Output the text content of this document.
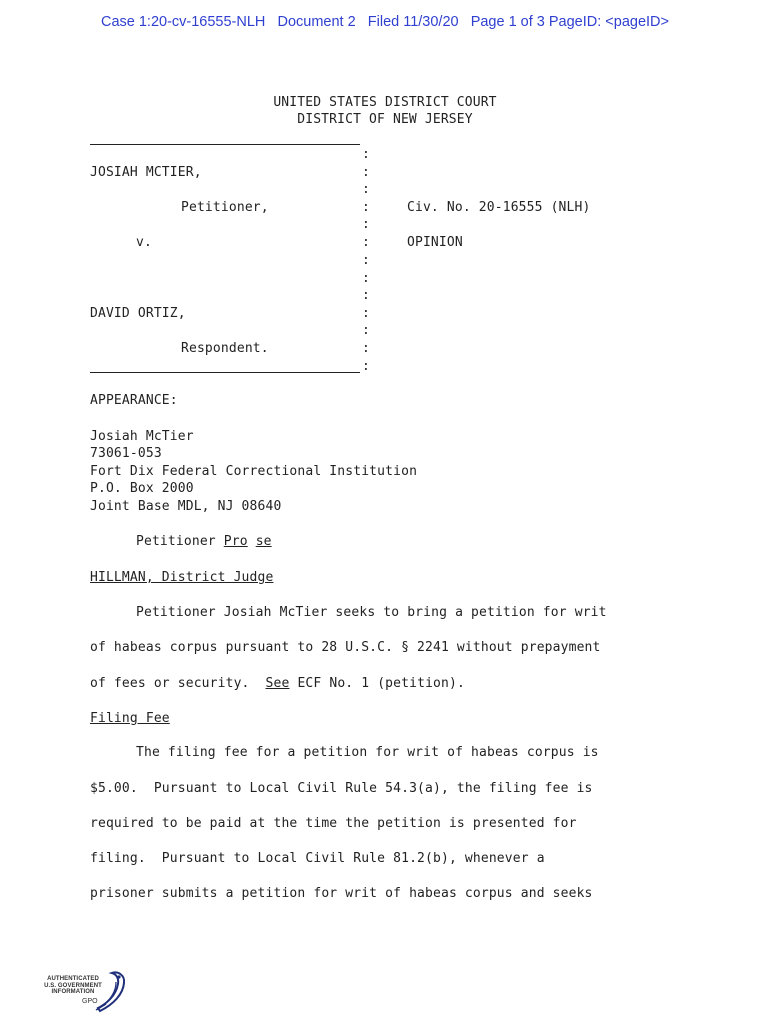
Case 1:20-cv-16555-NLH Document 2 Filed 11/30/20 Page 1 of 3 PageID: <pageID>
UNITED STATES DISTRICT COURT
DISTRICT OF NEW JERSEY
JOSIAH MCTIER,
Petitioner,
v.
DAVID ORTIZ,
Respondent.
Civ. No. 20-16555 (NLH)
OPINION
:
:
:
:
:
:
:
:
:
:
:
:
:
APPEARANCE:
Josiah McTier
73061-053
Fort Dix Federal Correctional Institution
P.O. Box 2000
Joint Base MDL, NJ 08640
Petitioner Pro se
HILLMAN, District Judge
Petitioner Josiah McTier seeks to bring a petition for writ
of habeas corpus pursuant to 28 U.S.C. § 2241 without prepayment
of fees or security. See ECF No. 1 (petition).
Filing Fee
The filing fee for a petition for writ of habeas corpus is
$5.00.  Pursuant to Local Civil Rule 54.3(a), the filing fee is
required to be paid at the time the petition is presented for
filing.  Pursuant to Local Civil Rule 81.2(b), whenever a
prisoner submits a petition for writ of habeas corpus and seeks
AUTHENTICATED
U.S. GOVERNMENT
INFORMATION
GPO
